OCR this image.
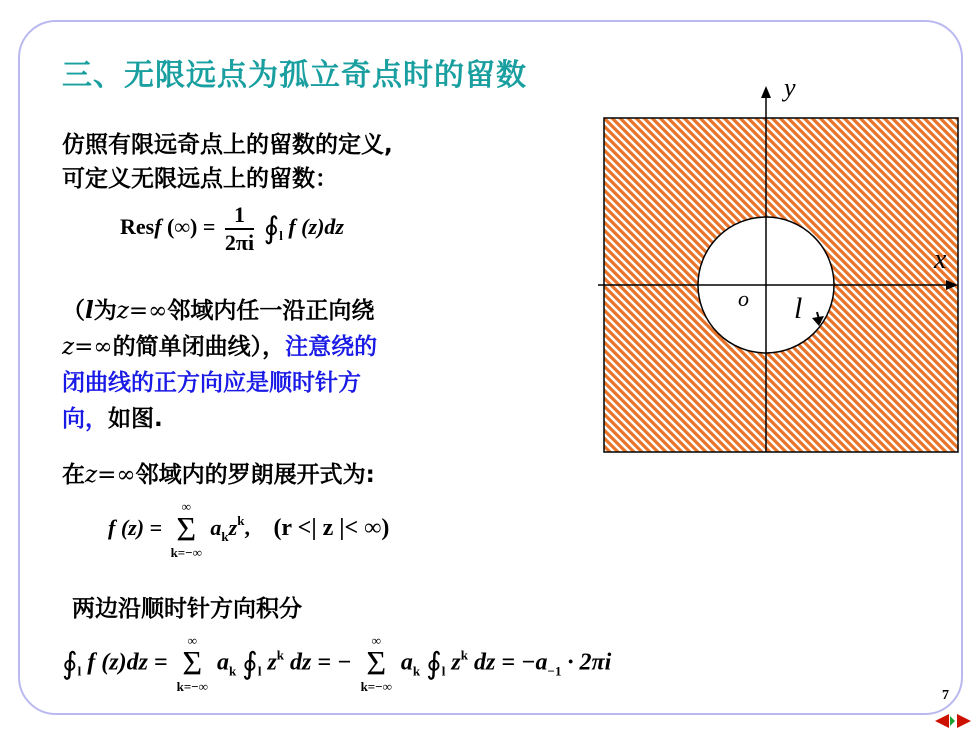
三、无限远点为孤立奇点时的留数
仿照有限远奇点上的留数的定义,
可定义无限远点上的留数：
Resf (∞) = $\frac{1}{2\pi i}$ $∮_l$ f (z)dz
（l为z=∞邻域内任一沿正向绕
z=∞的简单闭曲线），注意绕的
闭曲线的正方向应是顺时针方
向，如图.
在z=∞邻域内的罗朗展开式为:
f (z) =
∞
Σ
k=−∞
$a_kz^k$, (r <| z |< ∞)
两边沿顺时针方向积分
$∮_l$ f (z)dz =
∞
Σ
k=−∞
$a_k$ $∮_l$ $z^k$ dz = −
∞
Σ
k=−∞
$a_k$ $∮_l$ $z^k$ dz = $-a_{-1} \cdot 2\pi i$
y
x
o l
7
